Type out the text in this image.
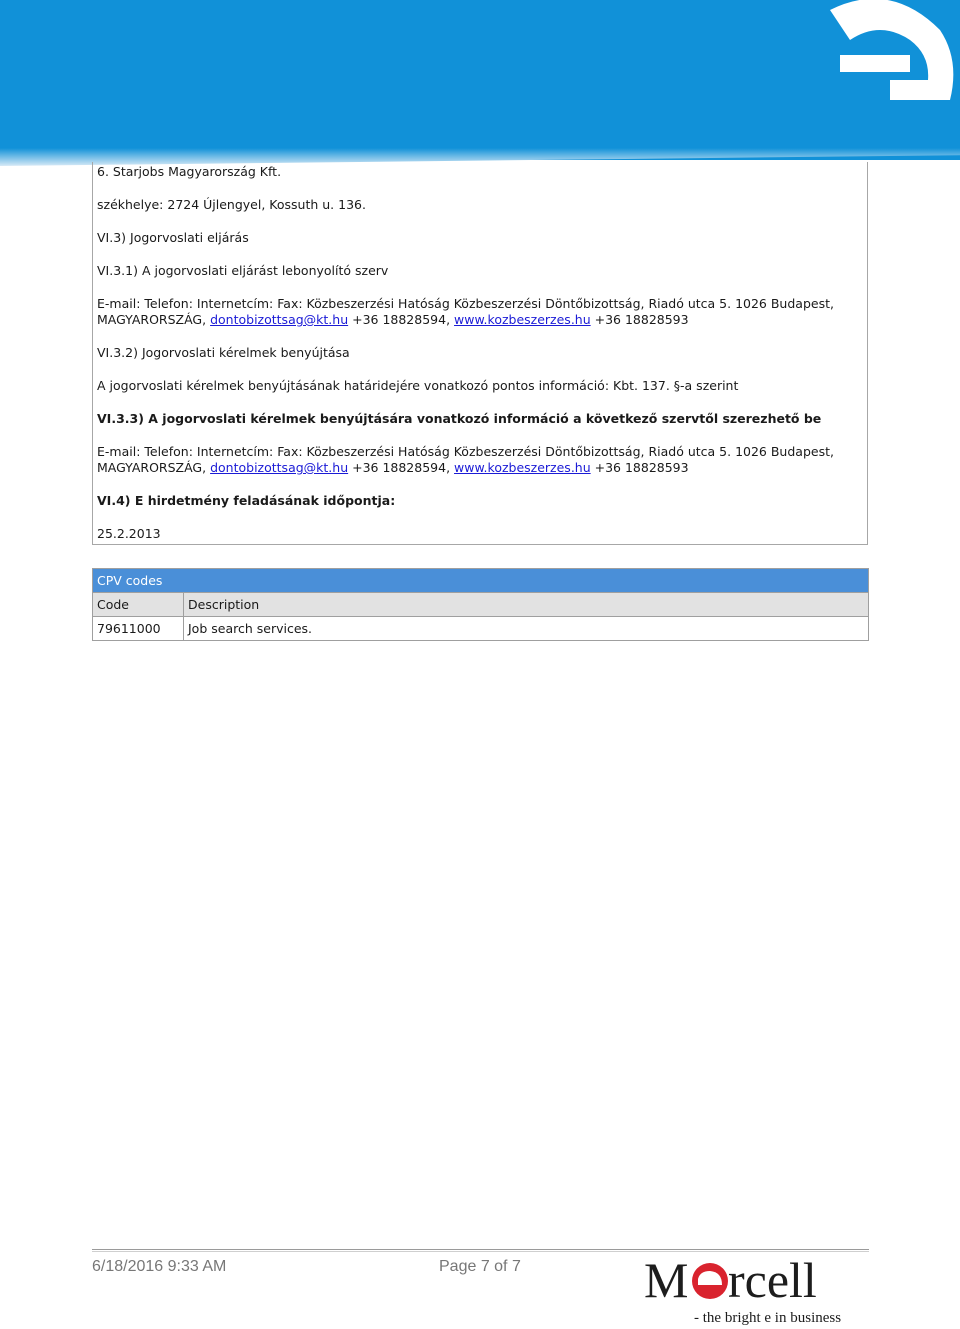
6. Starjobs Magyarország Kft.
székhelye: 2724 Újlengyel, Kossuth u. 136.
VI.3) Jogorvoslati eljárás
VI.3.1) A jogorvoslati eljárást lebonyolító szerv
E-mail: Telefon: Internetcím: Fax: Közbeszerzési Hatóság Közbeszerzési Döntőbizottság, Riadó utca 5. 1026 Budapest,
MAGYARORSZÁG, dontobizottsag@kt.hu +36 18828594, www.kozbeszerzes.hu +36 18828593
VI.3.2) Jogorvoslati kérelmek benyújtása
A jogorvoslati kérelmek benyújtásának határidejére vonatkozó pontos információ: Kbt. 137. §-a szerint
VI.3.3) A jogorvoslati kérelmek benyújtására vonatkozó információ a következő szervtől szerezhető be
E-mail: Telefon: Internetcím: Fax: Közbeszerzési Hatóság Közbeszerzési Döntőbizottság, Riadó utca 5. 1026 Budapest,
MAGYARORSZÁG, dontobizottsag@kt.hu +36 18828594, www.kozbeszerzes.hu +36 18828593
VI.4) E hirdetmény feladásának időpontja:
25.2.2013
CPV codes	
Code	Description
79611000	Job search services.
6/18/2016 9:33 AM	Page 7 of 7 M rcell
- the bright e in business
